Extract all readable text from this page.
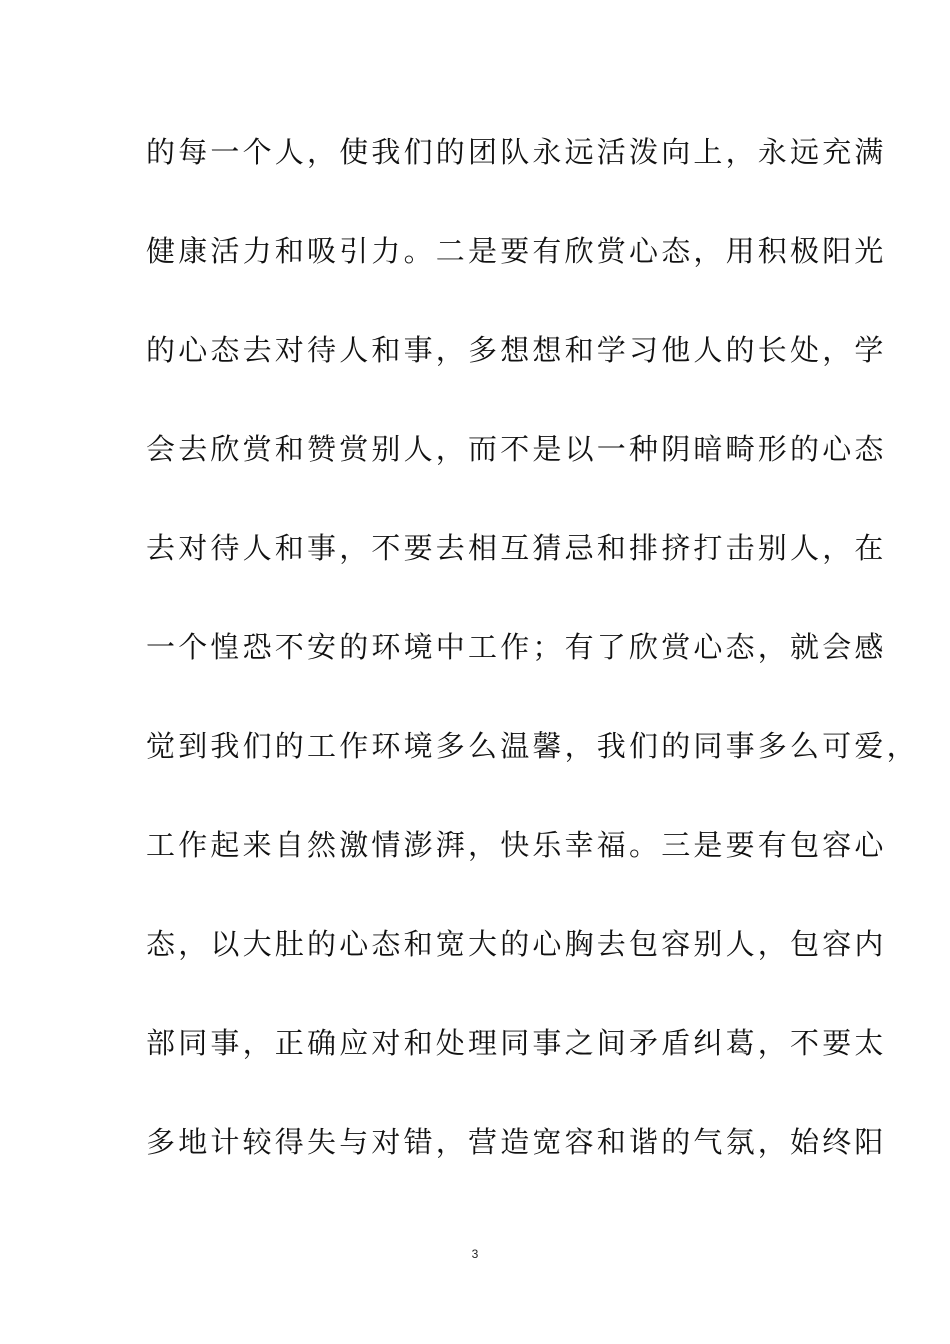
的每一个人，使我们的团队永远活泼向上，永远充满
健康活力和吸引力。二是要有欣赏心态，用积极阳光
的心态去对待人和事，多想想和学习他人的长处，学
会去欣赏和赞赏别人，而不是以一种阴暗畸形的心态
去对待人和事，不要去相互猜忌和排挤打击别人，在
一个惶恐不安的环境中工作；有了欣赏心态，就会感
觉到我们的工作环境多么温馨，我们的同事多么可爱，
工作起来自然激情澎湃，快乐幸福。三是要有包容心
态，以大肚的心态和宽大的心胸去包容别人，包容内
部同事，正确应对和处理同事之间矛盾纠葛，不要太
多地计较得失与对错，营造宽容和谐的气氛，始终阳
3
